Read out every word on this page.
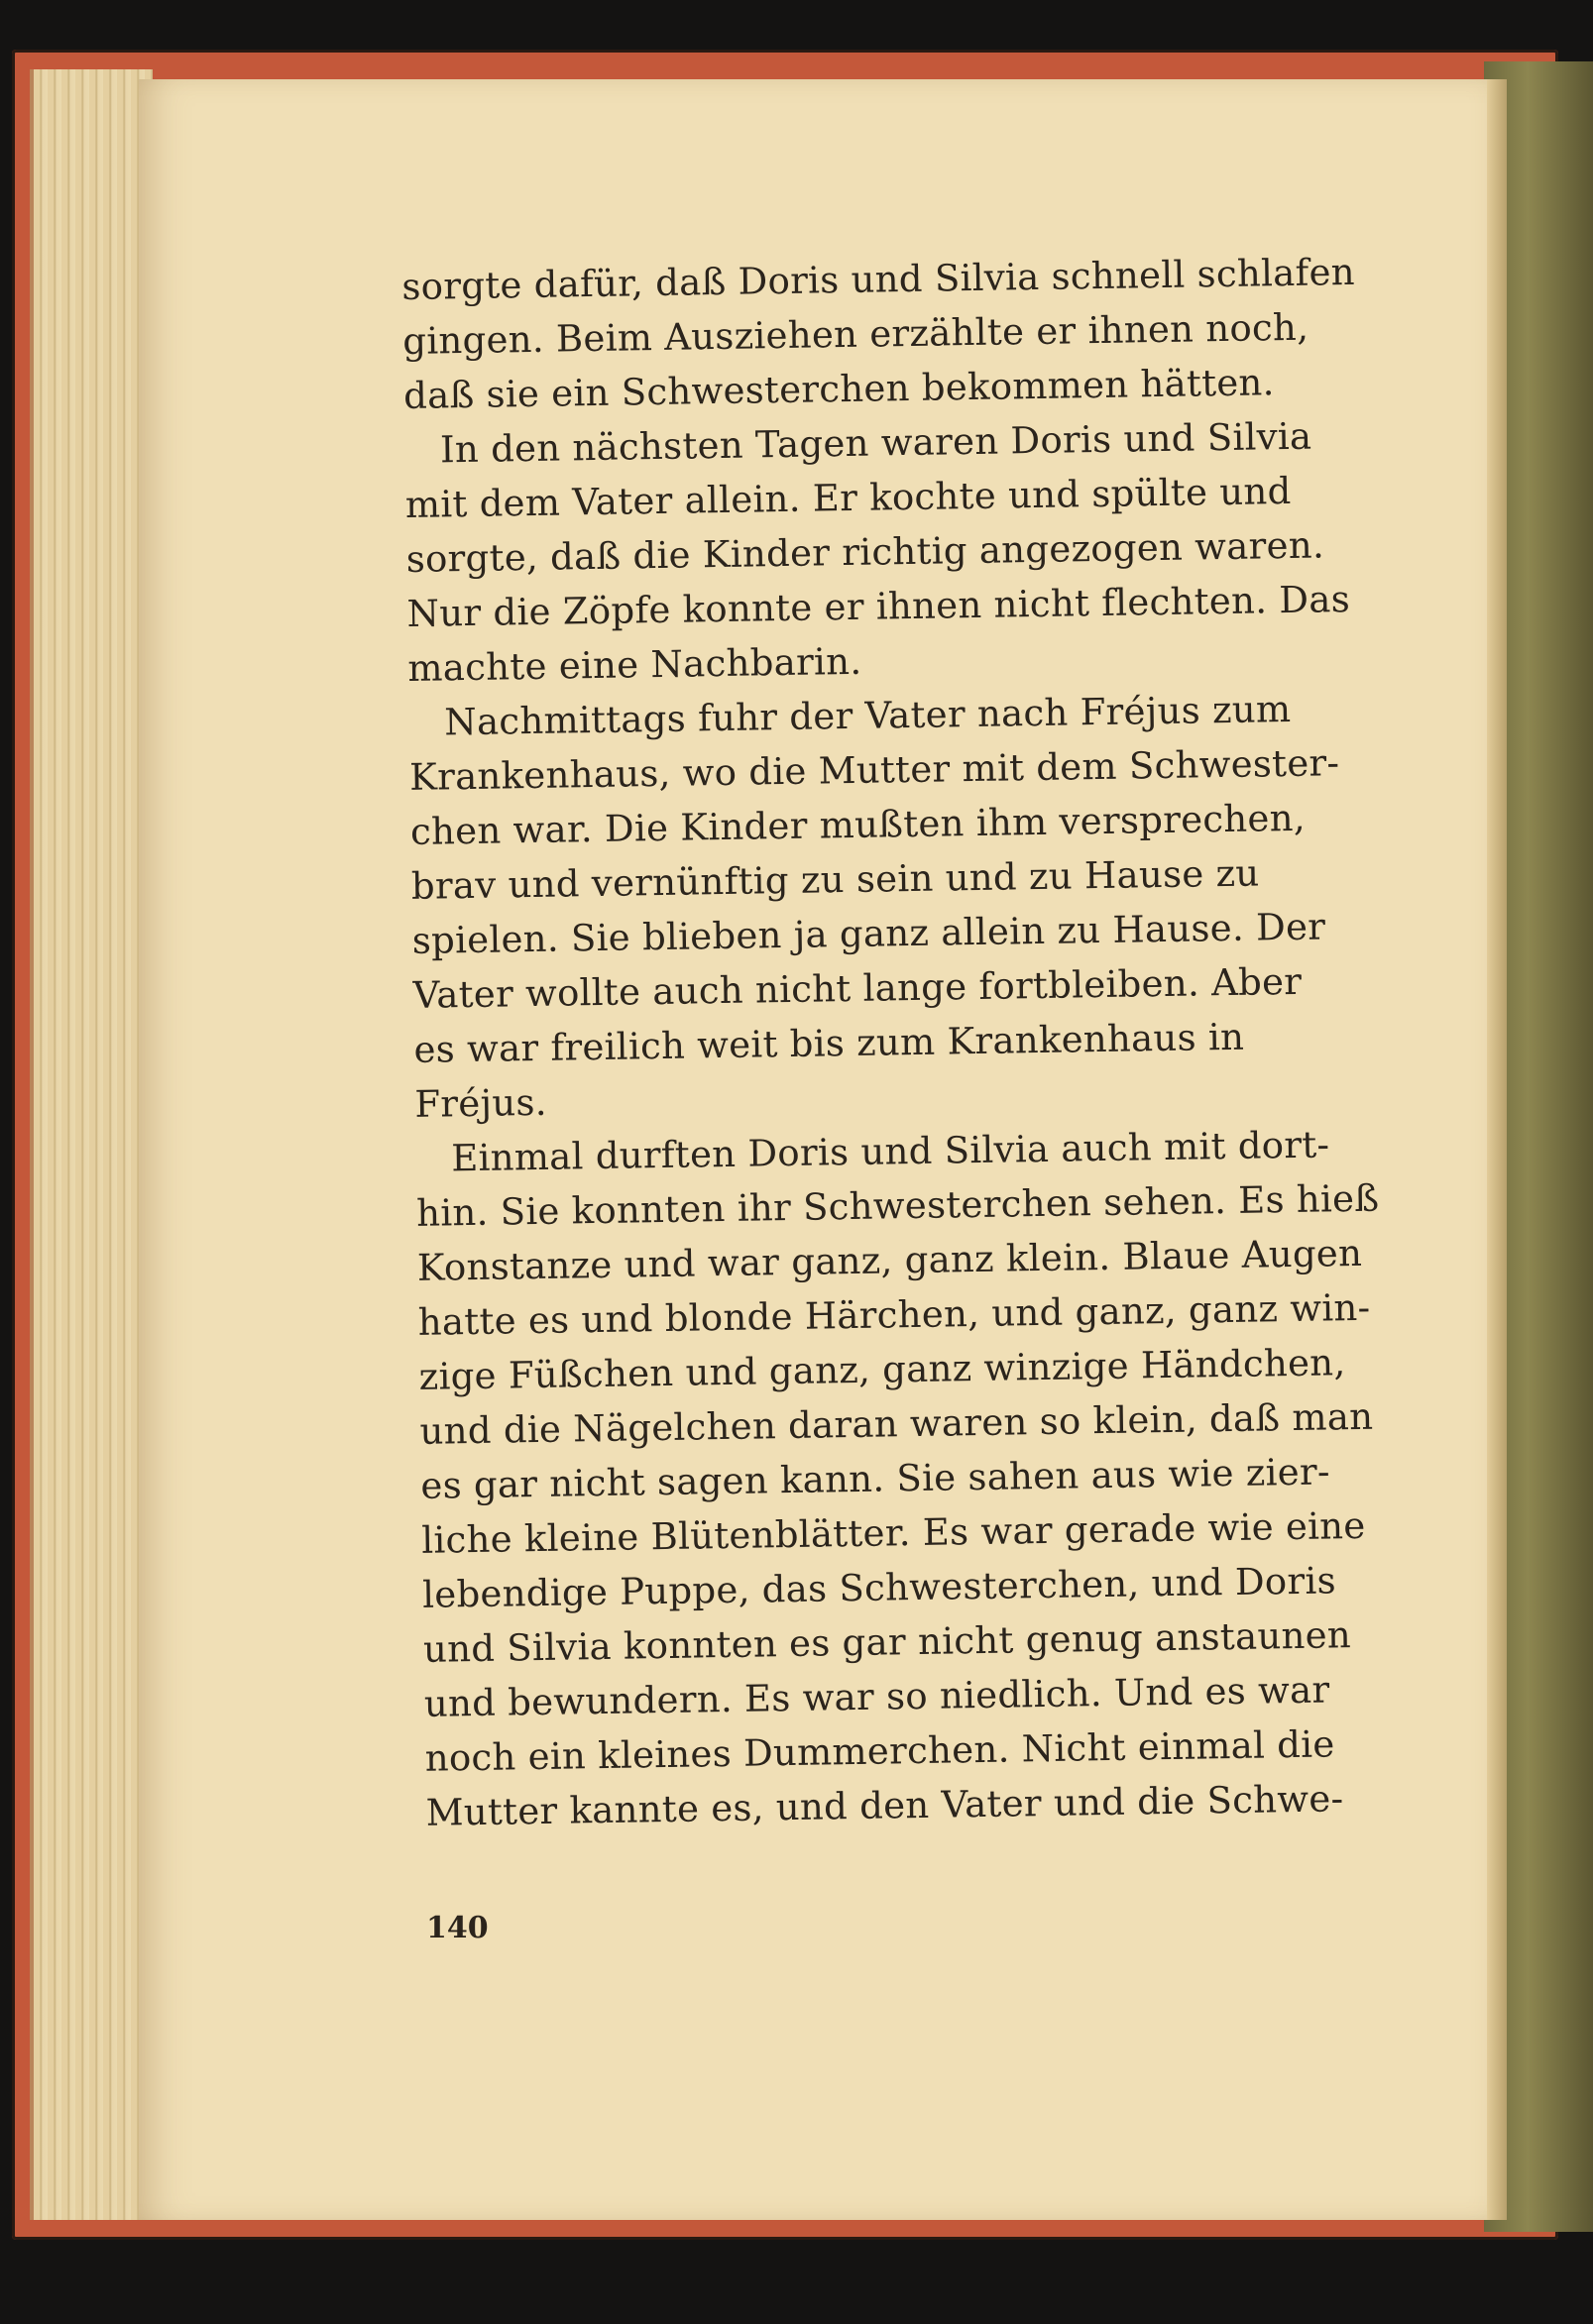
sorgte dafür, daß Doris und Silvia schnell schlafen
gingen. Beim Ausziehen erzählte er ihnen noch,
daß sie ein Schwesterchen bekommen hätten.
In den nächsten Tagen waren Doris und Silvia
mit dem Vater allein. Er kochte und spülte und
sorgte, daß die Kinder richtig angezogen waren.
Nur die Zöpfe konnte er ihnen nicht flechten. Das
machte eine Nachbarin.
Nachmittags fuhr der Vater nach Fréjus zum
Krankenhaus, wo die Mutter mit dem Schwester-
chen war. Die Kinder mußten ihm versprechen,
brav und vernünftig zu sein und zu Hause zu
spielen. Sie blieben ja ganz allein zu Hause. Der
Vater wollte auch nicht lange fortbleiben. Aber
es war freilich weit bis zum Krankenhaus in
Fréjus.
Einmal durften Doris und Silvia auch mit dort-
hin. Sie konnten ihr Schwesterchen sehen. Es hieß
Konstanze und war ganz, ganz klein. Blaue Augen
hatte es und blonde Härchen, und ganz, ganz win-
zige Füßchen und ganz, ganz winzige Händchen,
und die Nägelchen daran waren so klein, daß man
es gar nicht sagen kann. Sie sahen aus wie zier-
liche kleine Blütenblätter. Es war gerade wie eine
lebendige Puppe, das Schwesterchen, und Doris
und Silvia konnten es gar nicht genug anstaunen
und bewundern. Es war so niedlich. Und es war
noch ein kleines Dummerchen. Nicht einmal die
Mutter kannte es, und den Vater und die Schwe-
140
